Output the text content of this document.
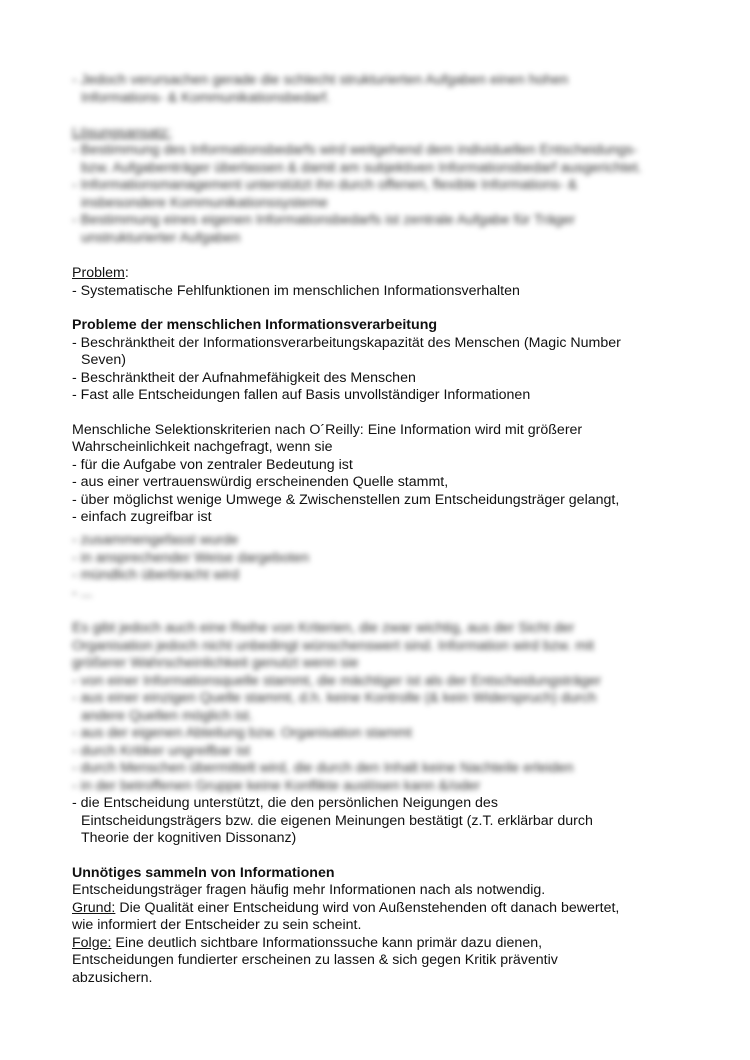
- Jedoch verursachen gerade die schlecht strukturierten Aufgaben einen hohen
Informations- & Kommunikationsbedarf.

Lösungsansatz:
- Bestimmung des Informationsbedarfs wird weitgehend dem individuellen Entscheidungs-
bzw. Aufgabenträger überlassen & damit am subjektiven Informationsbedarf ausgerichtet.
- Informationsmanagement unterstützt ihn durch offenen, flexible Informations- &
insbesondere Kommunikationssysteme
- Bestimmung eines eigenen Informationsbedarfs ist zentrale Aufgabe für Träger
unstrukturierter Aufgaben
Problem:
- Systematische Fehlfunktionen im menschlichen Informationsverhalten
Probleme der menschlichen Informationsverarbeitung
- Beschränktheit der Informationsverarbeitungskapazität des Menschen (Magic Number
Seven)
- Beschränktheit der Aufnahmefähigkeit des Menschen
- Fast alle Entscheidungen fallen auf Basis unvollständiger Informationen
Menschliche Selektionskriterien nach O´Reilly: Eine Information wird mit größerer
Wahrscheinlichkeit nachgefragt, wenn sie
- für die Aufgabe von zentraler Bedeutung ist
- aus einer vertrauenswürdig erscheinenden Quelle stammt,
- über möglichst wenige Umwege & Zwischenstellen zum Entscheidungsträger gelangt,
- einfach zugreifbar ist
- zusammengefasst wurde
- in ansprechender Weise dargeboten
- mündlich überbracht wird
- ...
Es gibt jedoch auch eine Reihe von Kriterien, die zwar wichtig, aus der Sicht der
Organisation jedoch nicht unbedingt wünschenswert sind. Information wird bzw. mit
größerer Wahrscheinlichkeit genutzt wenn sie
- von einer Informationsquelle stammt, die mächtiger ist als der Entscheidungsträger
- aus einer einzigen Quelle stammt, d.h. keine Kontrolle (& kein Widerspruch) durch
andere Quellen möglich ist.
- aus der eigenen Abteilung bzw. Organisation stammt
- durch Kritiker ungreifbar ist
- durch Menschen übermittelt wird, die durch den Inhalt keine Nachteile erleiden
- in der betroffenen Gruppe keine Konflikte auslösen kann &/oder
- die Entscheidung unterstützt, die den persönlichen Neigungen des
Eintscheidungsträgers bzw. die eigenen Meinungen bestätigt (z.T. erklärbar durch
Theorie der kognitiven Dissonanz)
Unnötiges sammeln von Informationen
Entscheidungsträger fragen häufig mehr Informationen nach als notwendig.
Grund: Die Qualität einer Entscheidung wird von Außenstehenden oft danach bewertet,
wie informiert der Entscheider zu sein scheint.
Folge: Eine deutlich sichtbare Informationssuche kann primär dazu dienen,
Entscheidungen fundierter erscheinen zu lassen & sich gegen Kritik präventiv
abzusichern.
